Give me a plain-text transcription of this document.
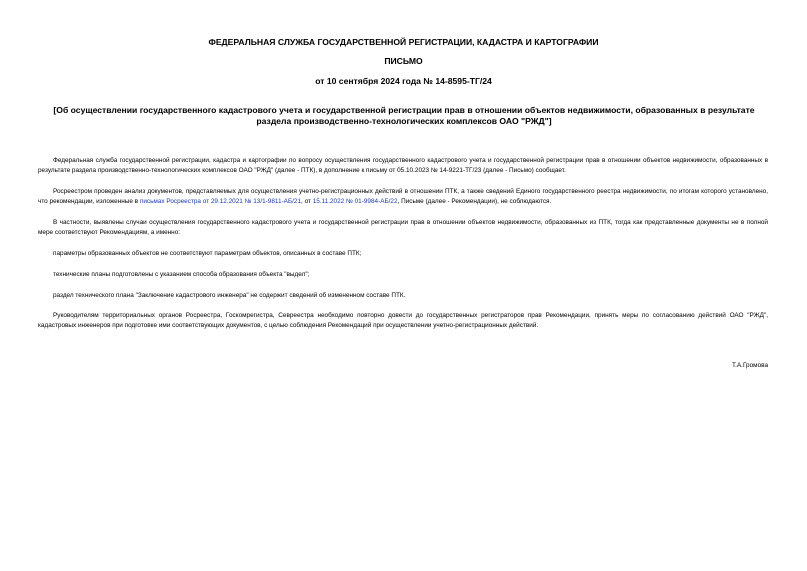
ФЕДЕРАЛЬНАЯ СЛУЖБА ГОСУДАРСТВЕННОЙ РЕГИСТРАЦИИ, КАДАСТРА И КАРТОГРАФИИ
ПИСЬМО
от 10 сентября 2024 года № 14-8595-ТГ/24
[Об осуществлении государственного кадастрового учета и государственной регистрации прав в отношении объектов недвижимости, образованных в результате раздела производственно-технологических комплексов ОАО "РЖД"]

Федеральная служба государственной регистрации, кадастра и картографии по вопросу осуществления государственного кадастрового учета и государственной регистрации прав в отношении объектов недвижимости, образованных в результате раздела производственно-технологических комплексов ОАО "РЖД" (далее - ПТК), в дополнение к письму от 05.10.2023 № 14-9221-ТГ/23 (далее - Письмо) сообщает.

Росреестром проведен анализ документов, представляемых для осуществления учетно-регистрационных действий в отношении ПТК, а также сведений Единого государственного реестра недвижимости, по итогам которого установлено, что рекомендации, изложенные в письмах Росреестра от 29.12.2021 № 13/1-9811-АБ/21, от 15.11.2022 № 01-9984-АБ/22, Письме (далее - Рекомендации), не соблюдаются.

В частности, выявлены случаи осуществления государственного кадастрового учета и государственной регистрации прав в отношении объектов недвижимости, образованных из ПТК, тогда как представленные документы не в полной мере соответствуют Рекомендациям, а именно:

параметры образованных объектов не соответствуют параметрам объектов, описанных в составе ПТК;

технические планы подготовлены с указанием способа образования объекта "выдел";

раздел технического плана "Заключение кадастрового инженера" не содержит сведений об измененном составе ПТК.

Руководителям территориальных органов Росреестра, Госкомрегистра, Севреестра необходимо повторно довести до государственных регистраторов прав Рекомендации, принять меры по согласованию действий ОАО "РЖД", кадастровых инженеров при подготовке ими соответствующих документов, с целью соблюдения Рекомендаций при осуществлении учетно-регистрационных действий.

Т.А.Громова
